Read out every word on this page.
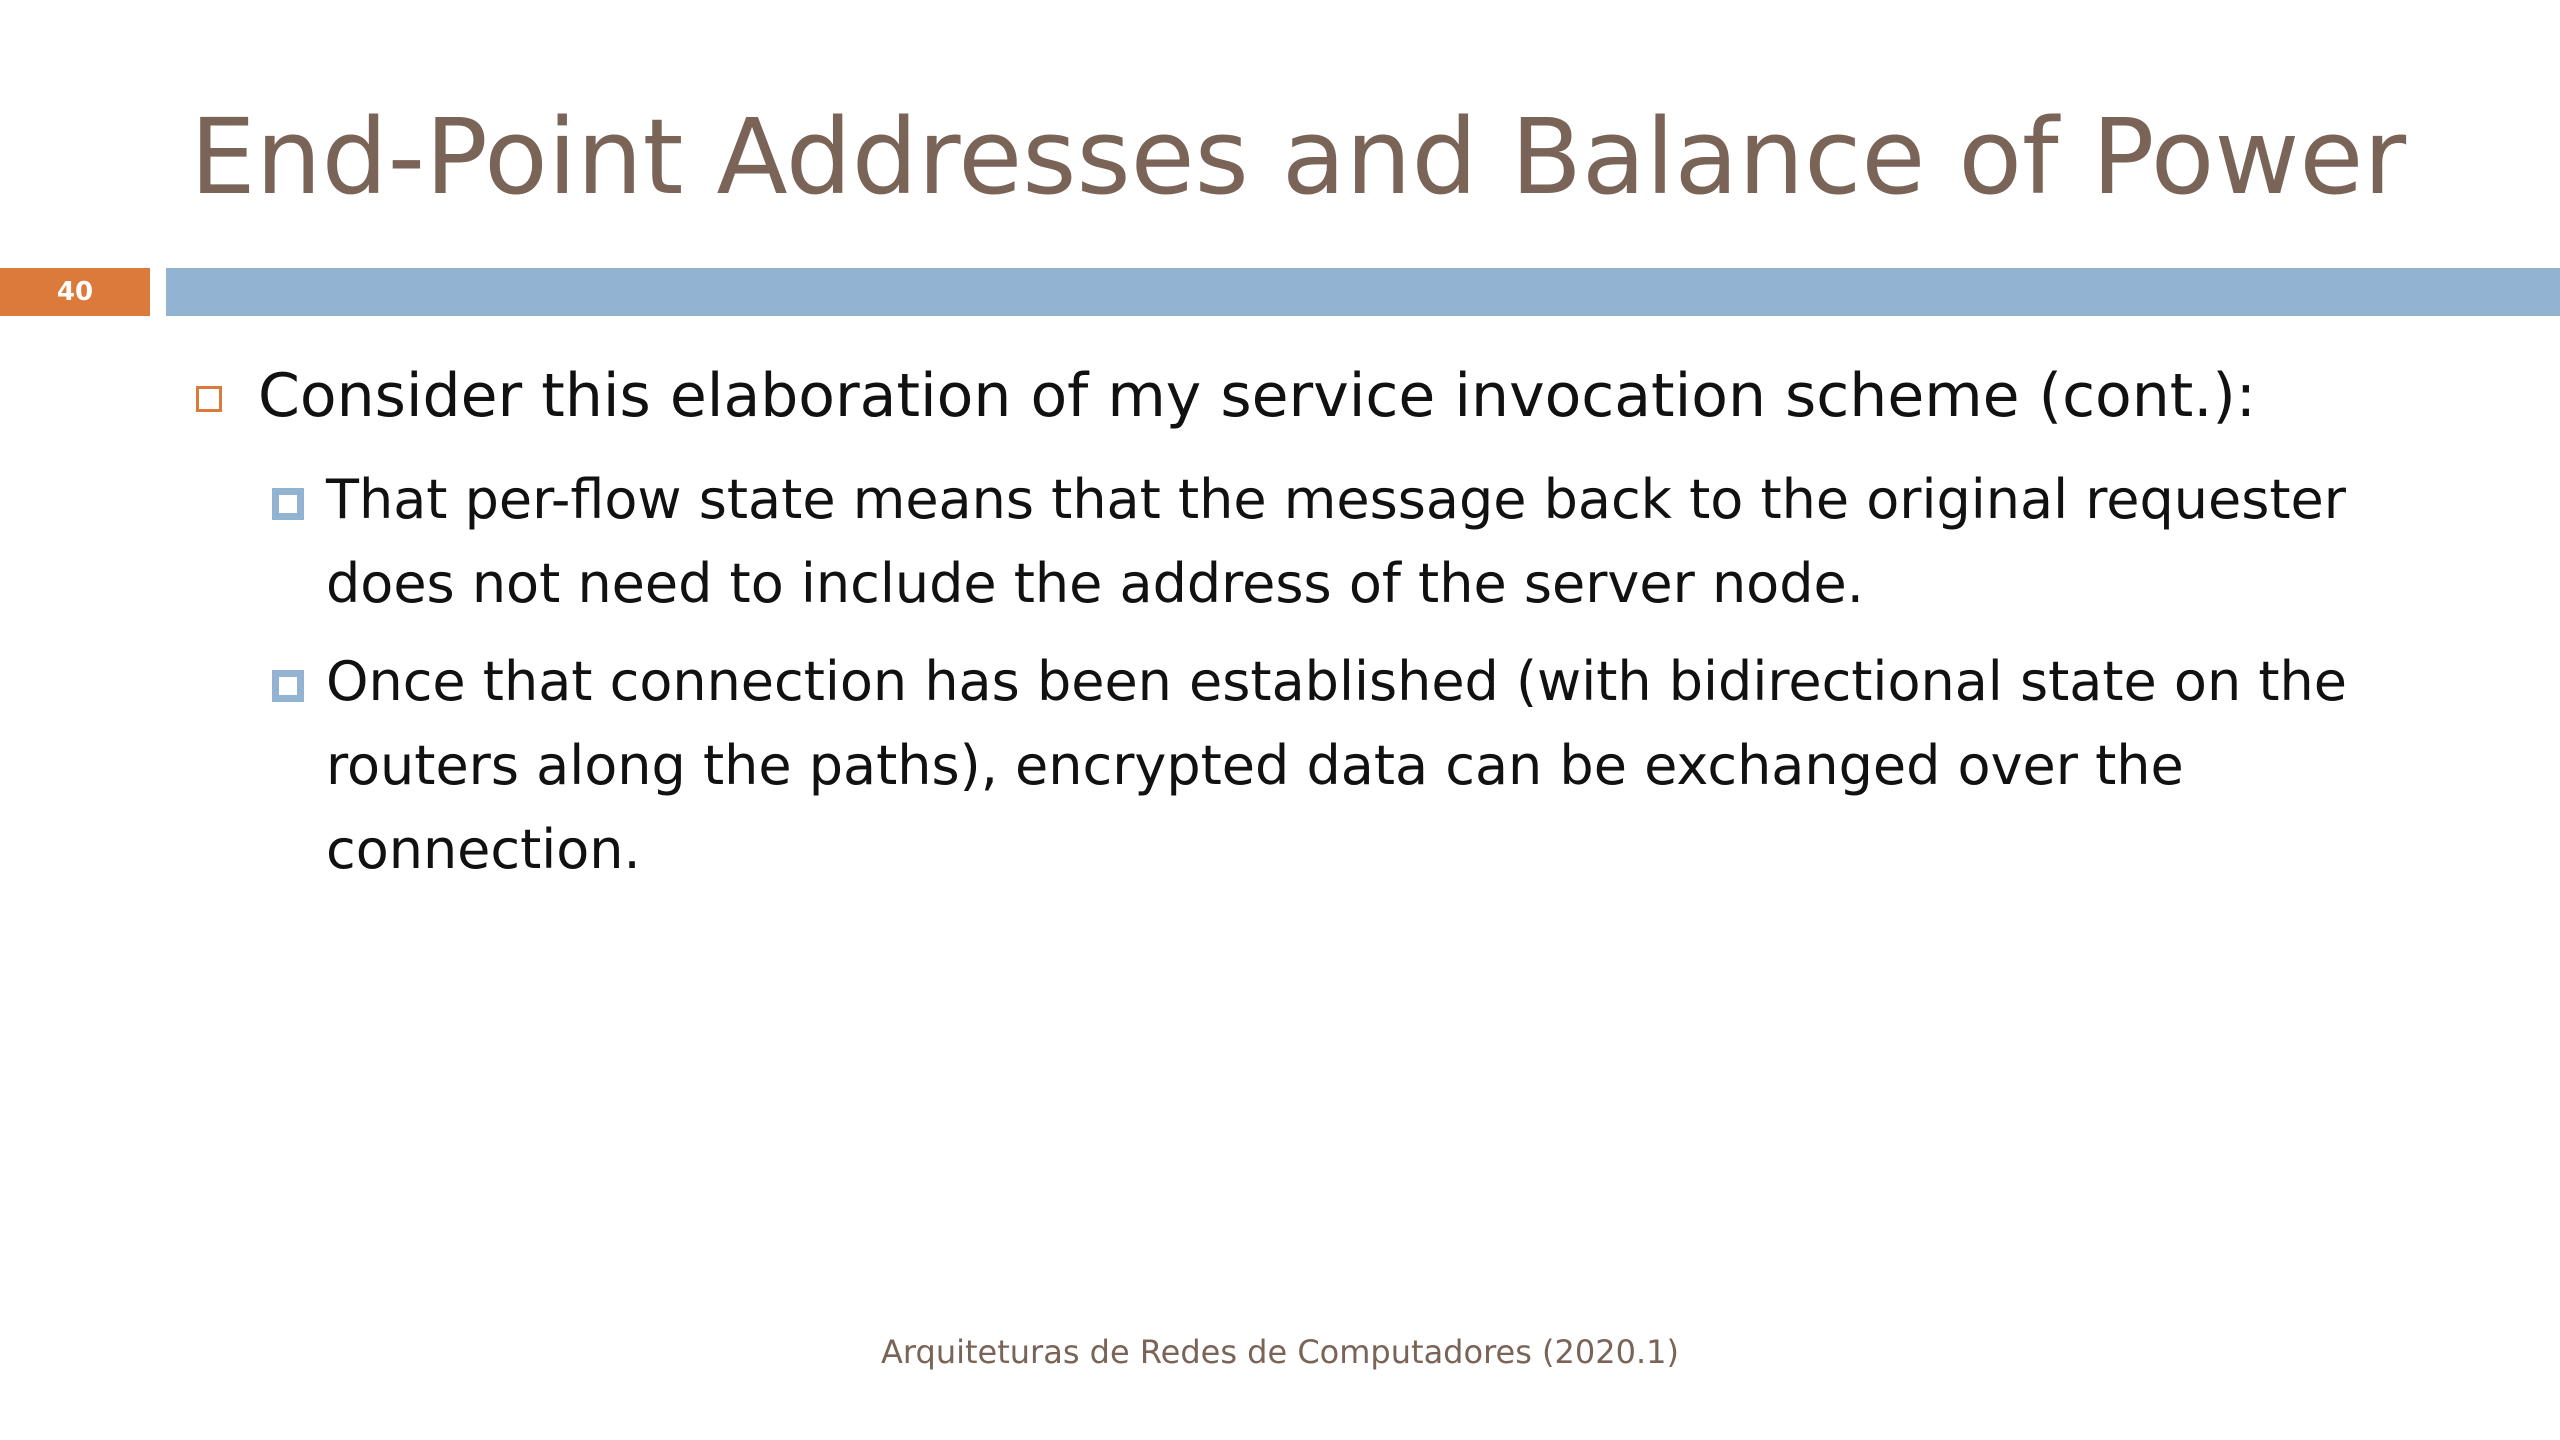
End-Point Addresses and Balance of Power
40

Consider this elaboration of my service invocation scheme (cont.):

That per-flow state means that the message back to the original requester
does not need to include the address of the server node.

Once that connection has been established (with bidirectional state on the
routers along the paths), encrypted data can be exchanged over the
connection.

Arquiteturas de Redes de Computadores (2020.1)
